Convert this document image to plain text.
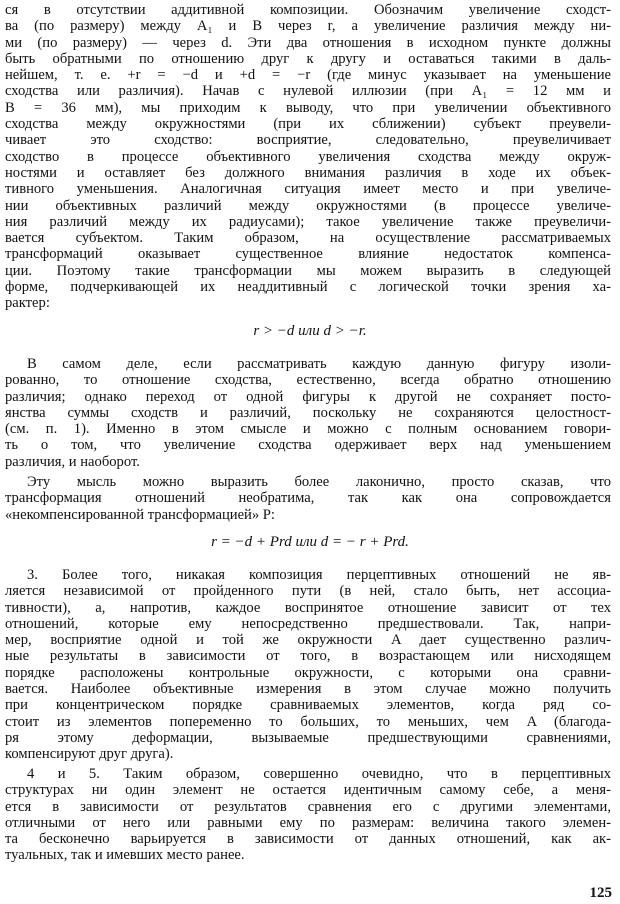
ся в отсутствии аддитивной композиции. Обозначим увеличение сходст-
ва (по размеру) между A₁ и B через r, а увеличение различия между ни-
ми (по размеру) — через d. Эти два отношения в исходном пункте должны
быть обратными по отношению друг к другу и оставаться такими в даль-
нейшем, т. е. +r = −d и +d = −r (где минус указывает на уменьшение
сходства или различия). Начав с нулевой иллюзии (при A₁ = 12 мм и
B = 36 мм), мы приходим к выводу, что при увеличении объективного
сходства между окружностями (при их сближении) субъект преувели-
чивает это сходство: восприятие, следовательно, преувеличивает
сходство в процессе объективного увеличения сходства между окруж-
ностями и оставляет без должного внимания различия в ходе их объек-
тивного уменьшения. Аналогичная ситуация имеет место и при увеличе-
нии объективных различий между окружностями (в процессе увеличе-
ния различий между их радиусами); такое увеличение также преувеличи-
вается субъектом. Таким образом, на осуществление рассматриваемых
трансформаций оказывает существенное влияние недостаток компенса-
ции. Поэтому такие трансформации мы можем выразить в следующей
форме, подчеркивающей их неаддитивный с логической точки зрения ха-
рактер:
r > −d или d > −r.
В самом деле, если рассматривать каждую данную фигуру изоли-
рованно, то отношение сходства, естественно, всегда обратно отношению
различия; однако переход от одной фигуры к другой не сохраняет посто-
янства суммы сходств и различий, поскольку не сохраняются целостност-
(см. п. 1). Именно в этом смысле и можно с полным основанием говори-
ть о том, что увеличение сходства одерживает верх над уменьшением
различия, и наоборот.
Эту мысль можно выразить более лаконично, просто сказав, что
трансформация отношений необратима, так как она сопровождается
«некомпенсированной трансформацией» P:
r = −d + Prd или d = − r + Prd.
3. Более того, никакая композиция перцептивных отношений не яв-
ляется независимой от пройденного пути (в ней, стало быть, нет ассоциа-
тивности), а, напротив, каждое воспринятое отношение зависит от тех
отношений, которые ему непосредственно предшествовали. Так, напри-
мер, восприятие одной и той же окружности A дает существенно различ-
ные результаты в зависимости от того, в возрастающем или нисходящем
порядке расположены контрольные окружности, с которыми она сравни-
вается. Наиболее объективные измерения в этом случае можно получить
при концентрическом порядке сравниваемых элементов, когда ряд со-
стоит из элементов попеременно то больших, то меньших, чем A (благода-
ря этому деформации, вызываемые предшествующими сравнениями,
компенсируют друг друга).
4 и 5. Таким образом, совершенно очевидно, что в перцептивных
структурах ни один элемент не остается идентичным самому себе, а меня-
ется в зависимости от результатов сравнения его с другими элементами,
отличными от него или равными ему по размерам: величина такого элемен-
та бесконечно варьируется в зависимости от данных отношений, как ак-
туальных, так и имевших место ранее.
125
